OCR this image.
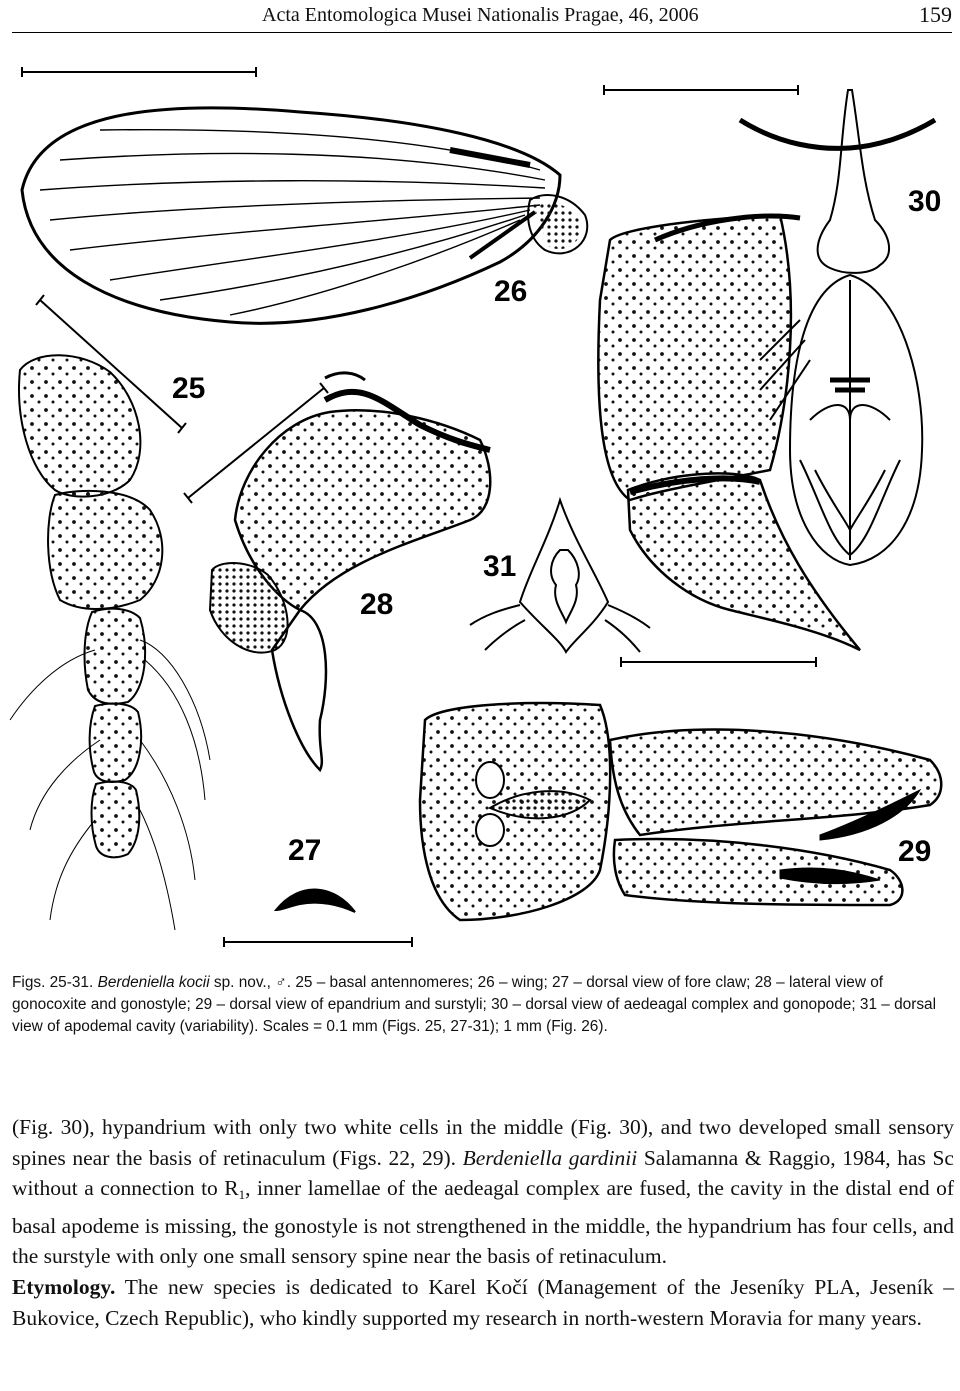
Acta Entomologica Musei Nationalis Pragae, 46, 2006	159
25
26
27
28
29
30
31
Figs. 25-31. Berdeniella kocii sp. nov., ♂. 25 – basal antennomeres; 26 – wing; 27 – dorsal view of fore claw; 28 – lateral view of gonocoxite and gonostyle; 29 – dorsal view of epandrium and surstyli; 30 – dorsal view of aedeagal complex and gonopode; 31 – dorsal view of apodemal cavity (variability). Scales = 0.1 mm (Figs. 25, 27-31); 1 mm (Fig. 26).

(Fig. 30), hypandrium with only two white cells in the middle (Fig. 30), and two developed small sensory spines near the basis of retinaculum (Figs. 22, 29). Berdeniella gardinii Salamanna & Raggio, 1984, has Sc without a connection to $R_1$, inner lamellae of the aedeagal complex are fused, the cavity in the distal end of basal apodeme is missing, the gonostyle is not strengthened in the middle, the hypandrium has four cells, and the surstyle with only one small sensory spine near the basis of retinaculum.

Etymology. The new species is dedicated to Karel Kočí (Management of the Jeseníky PLA, Jeseník – Bukovice, Czech Republic), who kindly supported my research in north-western Moravia for many years.
